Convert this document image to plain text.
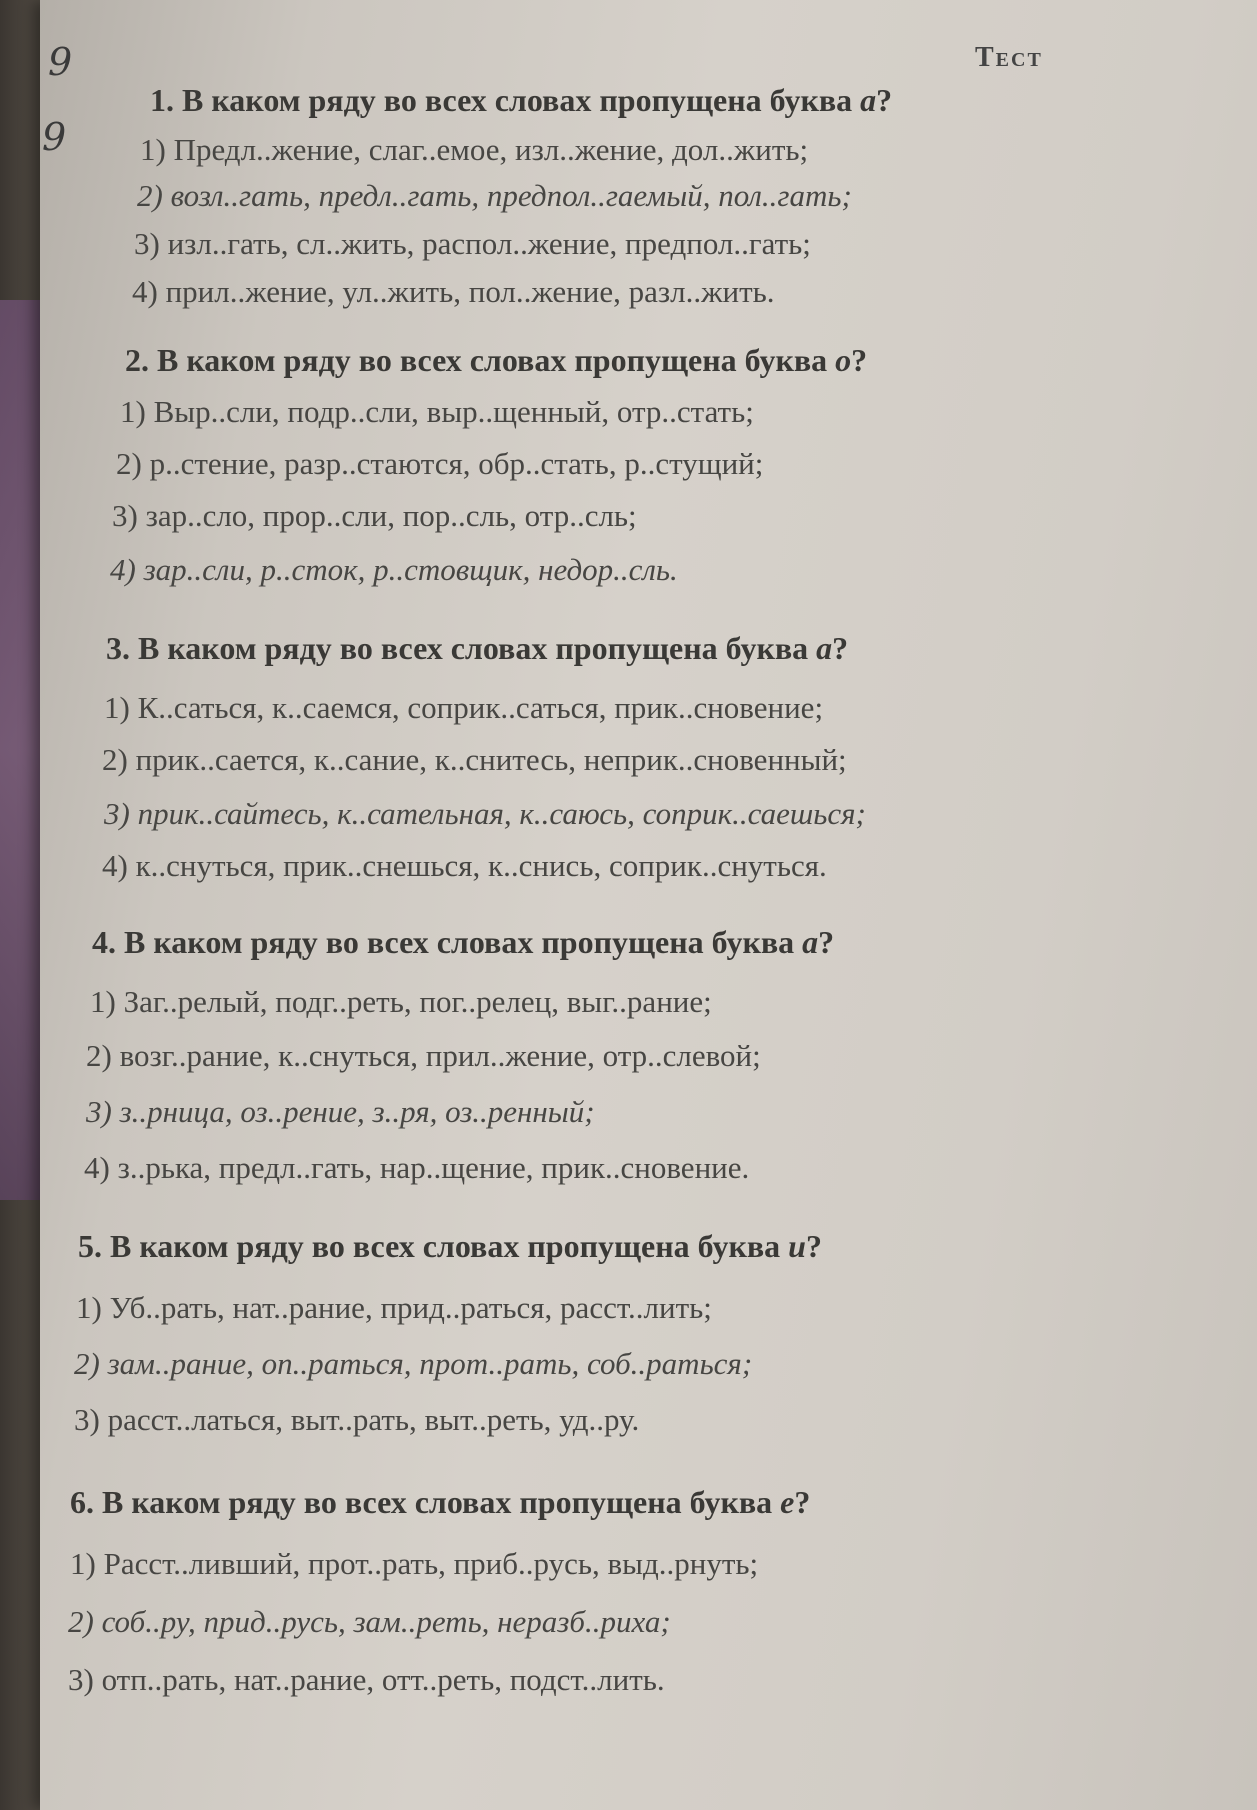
9
9
Тест
1. В каком ряду во всех словах пропущена буква а?
1) Предл..жение, слаг..емое, изл..жение, дол..жить;
2) возл..гать, предл..гать, предпол..гаемый, пол..гать;
3) изл..гать, сл..жить, распол..жение, предпол..гать;
4) прил..жение, ул..жить, пол..жение, разл..жить.
2. В каком ряду во всех словах пропущена буква о?
1) Выр..сли, подр..сли, выр..щенный, отр..стать;
2) р..стение, разр..стаются, обр..стать, р..стущий;
3) зар..сло, прор..сли, пор..сль, отр..сль;
4) зар..сли, р..сток, р..стовщик, недор..сль.
3. В каком ряду во всех словах пропущена буква а?
1) К..саться, к..саемся, соприк..саться, прик..сновение;
2) прик..сается, к..сание, к..снитесь, неприк..сновенный;
3) прик..сайтесь, к..сательная, к..саюсь, соприк..саешься;
4) к..снуться, прик..снешься, к..снись, соприк..снуться.
4. В каком ряду во всех словах пропущена буква а?
1) Заг..релый, подг..реть, пог..релец, выг..рание;
2) возг..рание, к..снуться, прил..жение, отр..слевой;
3) з..рница, оз..рение, з..ря, оз..ренный;
4) з..рька, предл..гать, нар..щение, прик..сновение.
5. В каком ряду во всех словах пропущена буква и?
1) Уб..рать, нат..рание, прид..раться, расст..лить;
2) зам..рание, оп..раться, прот..рать, соб..раться;
3) расст..латься, выт..рать, выт..реть, уд..ру.
6. В каком ряду во всех словах пропущена буква е?
1) Расст..ливший, прот..рать, приб..русь, выд..рнуть;
2) соб..ру, прид..русь, зам..реть, неразб..риха;
3) отп..рать, нат..рание, отт..реть, подст..лить.
